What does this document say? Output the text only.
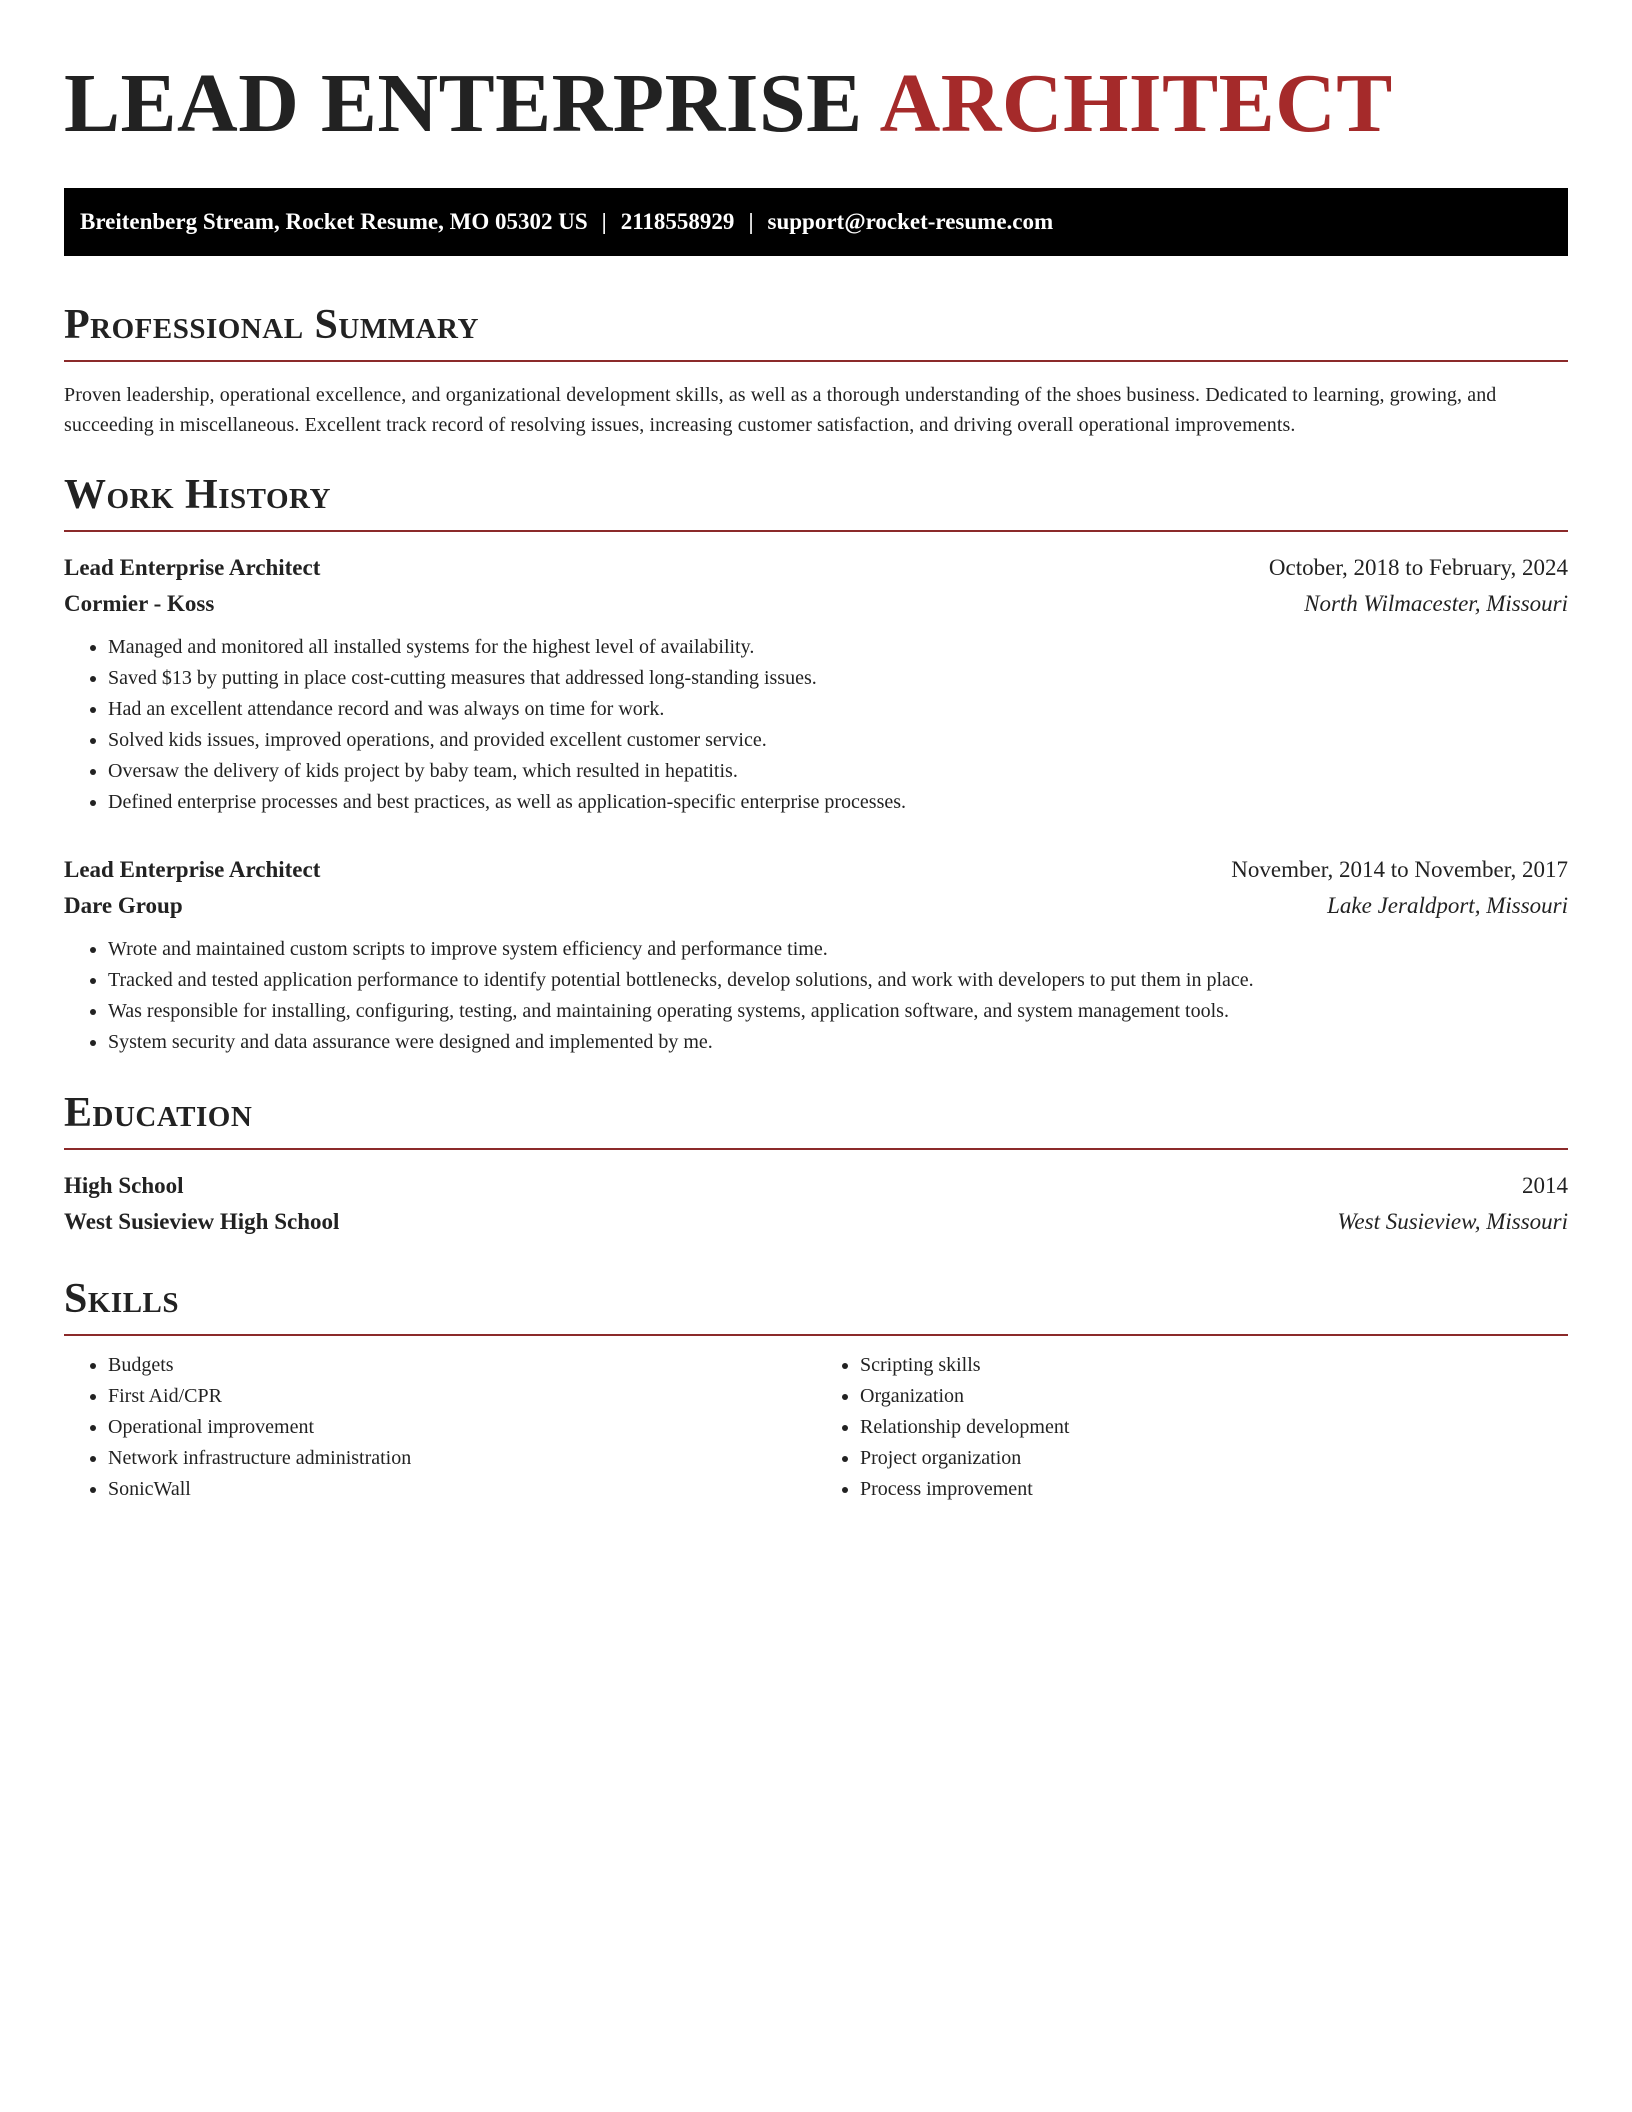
LEAD ENTERPRISE ARCHITECT
Breitenberg Stream, Rocket Resume, MO 05302 US | 2118558929 | support@rocket-resume.com
Professional Summary

Proven leadership, operational excellence, and organizational development skills, as well as a thorough understanding of the shoes business. Dedicated to learning, growing, and succeeding in miscellaneous. Excellent track record of resolving issues, increasing customer satisfaction, and driving overall operational improvements.

Work History
Lead Enterprise Architect	October, 2018 to February, 2024
Cormier - Koss	North Wilmacester, Missouri
• Managed and monitored all installed systems for the highest level of availability.
• Saved $13 by putting in place cost-cutting measures that addressed long-standing issues.
• Had an excellent attendance record and was always on time for work.
• Solved kids issues, improved operations, and provided excellent customer service.
• Oversaw the delivery of kids project by baby team, which resulted in hepatitis.
• Defined enterprise processes and best practices, as well as application-specific enterprise processes.
Lead Enterprise Architect	November, 2014 to November, 2017
Dare Group	Lake Jeraldport, Missouri
• Wrote and maintained custom scripts to improve system efficiency and performance time.
• Tracked and tested application performance to identify potential bottlenecks, develop solutions, and work with developers to put them in place.
• Was responsible for installing, configuring, testing, and maintaining operating systems, application software, and system management tools.
• System security and data assurance were designed and implemented by me.
Education
High School	2014
West Susieview High School	West Susieview, Missouri
Skills
• Budgets
• First Aid/CPR
• Operational improvement
• Network infrastructure administration
• SonicWall
• Scripting skills
• Organization
• Relationship development
• Project organization
• Process improvement
